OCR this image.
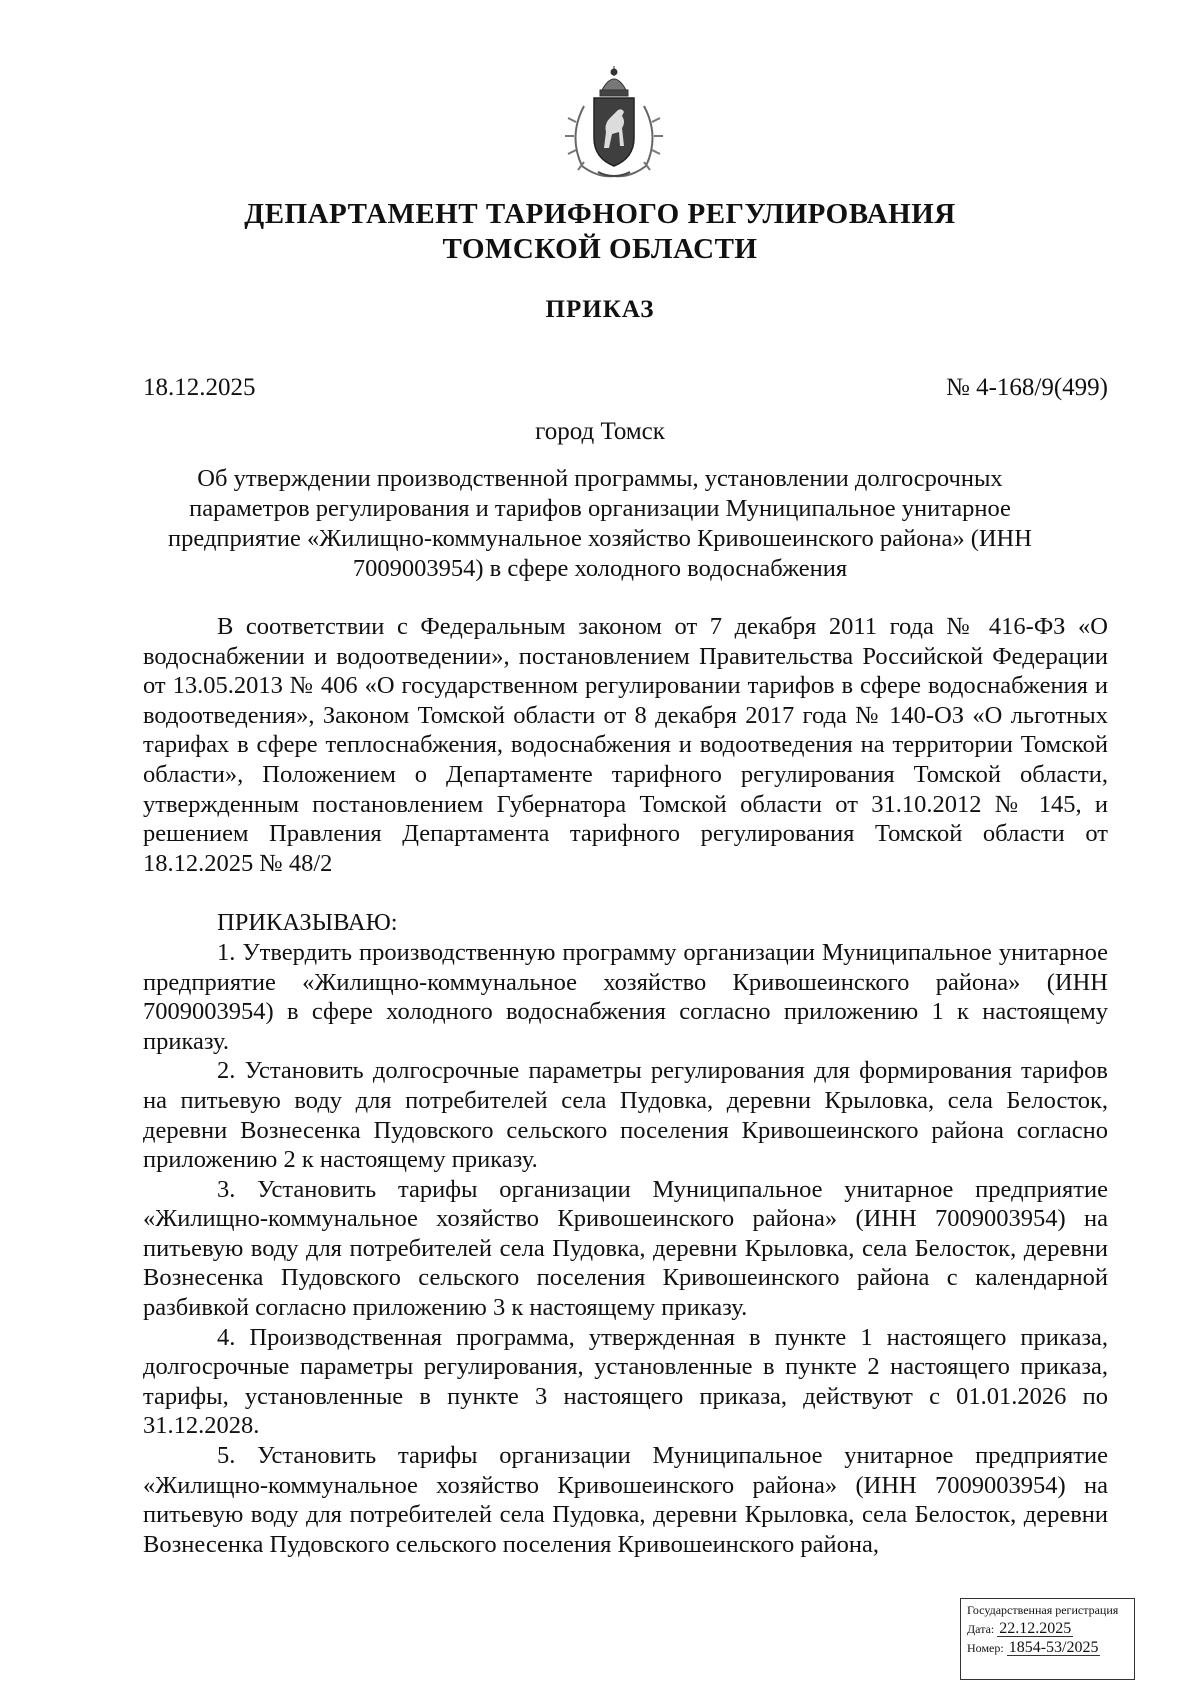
ДЕПАРТАМЕНТ ТАРИФНОГО РЕГУЛИРОВАНИЯ
ТОМСКОЙ ОБЛАСТИ
ПРИКАЗ
18.12.2025	№ 4-168/9(499)
город Томск
Об утверждении производственной программы, установлении долгосрочных параметров регулирования и тарифов организации Муниципальное унитарное предприятие «Жилищно-коммунальное хозяйство Кривошеинского района» (ИНН 7009003954) в сфере холодного водоснабжения

В соответствии с Федеральным законом от 7 декабря 2011 года № 416-ФЗ «О водоснабжении и водоотведении», постановлением Правительства Российской Федерации от 13.05.2013 № 406 «О государственном регулировании тарифов в сфере водоснабжения и водоотведения», Законом Томской области от 8 декабря 2017 года № 140-ОЗ «О льготных тарифах в сфере теплоснабжения, водоснабжения и водоотведения на территории Томской области», Положением о Департаменте тарифного регулирования Томской области, утвержденным постановлением Губернатора Томской области от 31.10.2012 № 145, и решением Правления Департамента тарифного регулирования Томской области от 18.12.2025 № 48/2

ПРИКАЗЫВАЮ:

1. Утвердить производственную программу организации Муниципальное унитарное предприятие «Жилищно-коммунальное хозяйство Кривошеинского района» (ИНН 7009003954) в сфере холодного водоснабжения согласно приложению 1 к настоящему приказу.

2. Установить долгосрочные параметры регулирования для формирования тарифов на питьевую воду для потребителей села Пудовка, деревни Крыловка, села Белосток, деревни Вознесенка Пудовского сельского поселения Кривошеинского района согласно приложению 2 к настоящему приказу.

3. Установить тарифы организации Муниципальное унитарное предприятие «Жилищно-коммунальное хозяйство Кривошеинского района» (ИНН 7009003954) на питьевую воду для потребителей села Пудовка, деревни Крыловка, села Белосток, деревни Вознесенка Пудовского сельского поселения Кривошеинского района с календарной разбивкой согласно приложению 3 к настоящему приказу.

4. Производственная программа, утвержденная в пункте 1 настоящего приказа, долгосрочные параметры регулирования, установленные в пункте 2 настоящего приказа, тарифы, установленные в пункте 3 настоящего приказа, действуют с 01.01.2026 по 31.12.2028.

5. Установить тарифы организации Муниципальное унитарное предприятие «Жилищно-коммунальное хозяйство Кривошеинского района» (ИНН 7009003954) на питьевую воду для потребителей села Пудовка, деревни Крыловка, села Белосток, деревни Вознесенка Пудовского сельского поселения Кривошеинского района,

Государственная регистрация
Дата: 22.12.2025
Номер: 1854-53/2025
